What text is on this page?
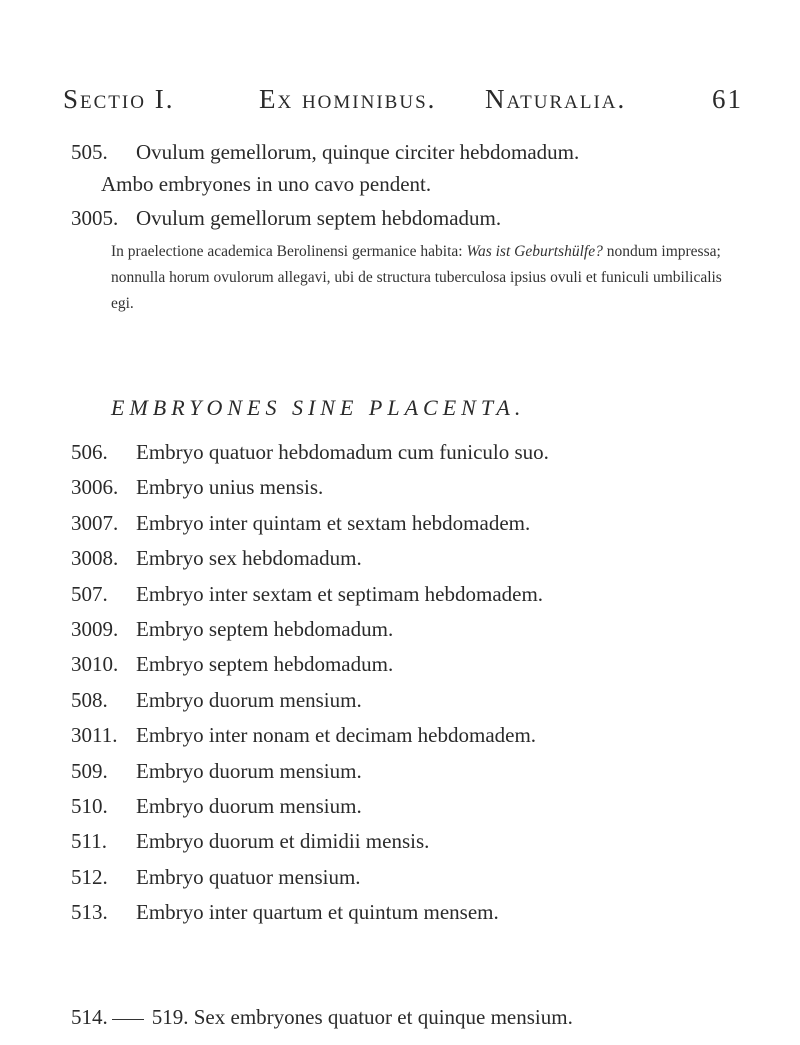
Sectio I.	Ex hominibus. Naturalia.	61
505. Ovulum gemellorum, quinque circiter hebdomadum.
Ambo embryones in uno cavo pendent.
3005. Ovulum gemellorum septem hebdomadum.
In praelectione academica Berolinensi germanice habita: Was ist Geburtshülfe? nondum impressa; nonnulla horum ovulorum allegavi, ubi de structura tuberculosa ipsius ovuli et funiculi umbilicalis egi.
EMBRYONES SINE PLACENTA.
506. Embryo quatuor hebdomadum cum funiculo suo.
3006. Embryo unius mensis.
3007. Embryo inter quintam et sextam hebdomadem.
3008. Embryo sex hebdomadum.
507. Embryo inter sextam et septimam hebdomadem.
3009. Embryo septem hebdomadum.
3010. Embryo septem hebdomadum.
508. Embryo duorum mensium.
3011. Embryo inter nonam et decimam hebdomadem.
509. Embryo duorum mensium.
510. Embryo duorum mensium.
511. Embryo duorum et dimidii mensis.
512. Embryo quatuor mensium.
513. Embryo inter quartum et quintum mensem.
514. 519. Sex embryones quatuor et quinque mensium.
